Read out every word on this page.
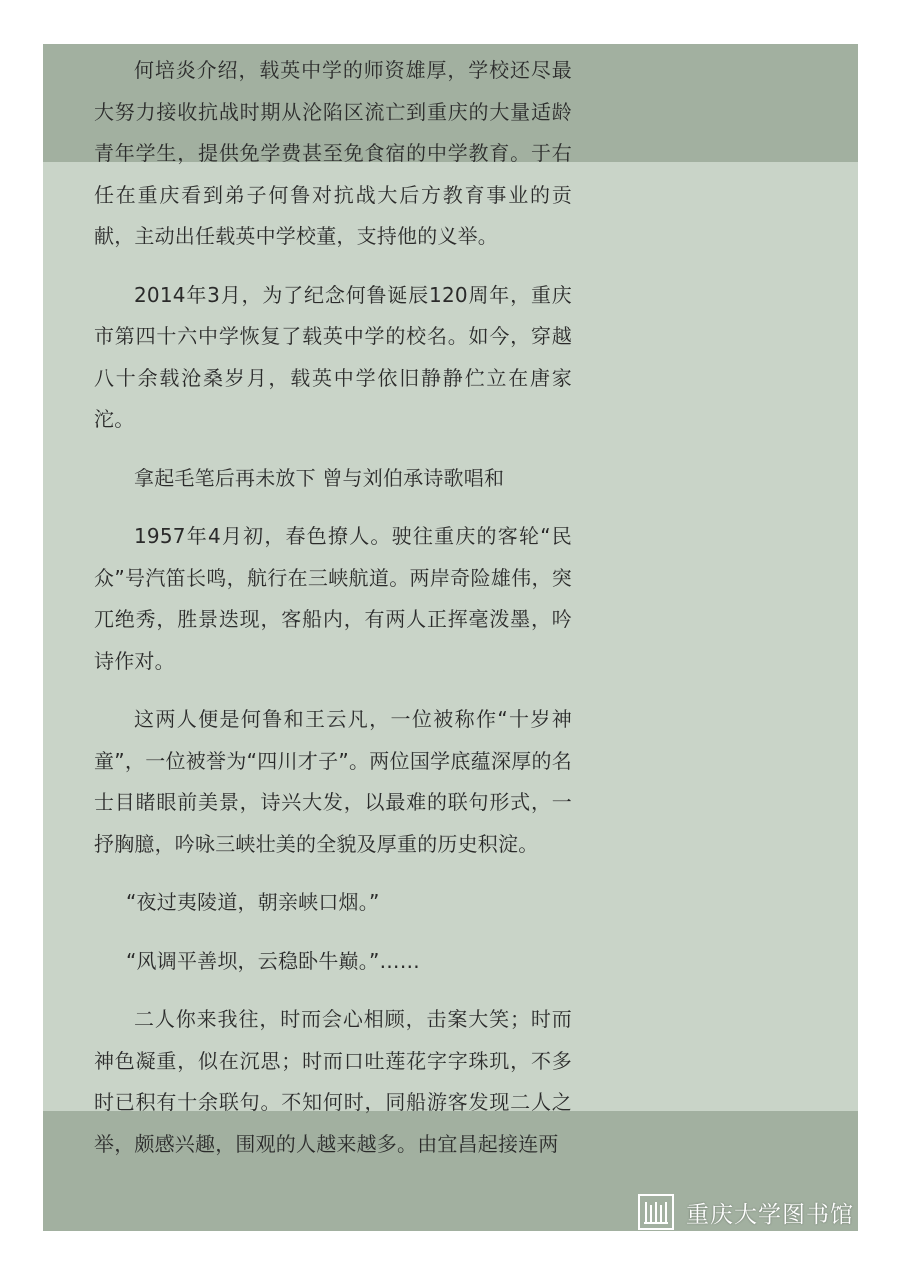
何培炎介绍，载英中学的师资雄厚，学校还尽最大努力接收抗战时期从沦陷区流亡到重庆的大量适龄青年学生，提供免学费甚至免食宿的中学教育。于右任在重庆看到弟子何鲁对抗战大后方教育事业的贡献，主动出任载英中学校董，支持他的义举。

2014年3月，为了纪念何鲁诞辰120周年，重庆市第四十六中学恢复了载英中学的校名。如今，穿越八十余载沧桑岁月，载英中学依旧静静伫立在唐家沱。

拿起毛笔后再未放下 曾与刘伯承诗歌唱和

1957年4月初，春色撩人。驶往重庆的客轮“民众”号汽笛长鸣，航行在三峡航道。两岸奇险雄伟，突兀绝秀，胜景迭现，客船内，有两人正挥毫泼墨，吟诗作对。

这两人便是何鲁和王云凡，一位被称作“十岁神童”，一位被誉为“四川才子”。两位国学底蕴深厚的名士目睹眼前美景，诗兴大发，以最难的联句形式，一抒胸臆，吟咏三峡壮美的全貌及厚重的历史积淀。

“夜过夷陵道，朝亲峡口烟。”

“风调平善坝，云稳卧牛巅。”……

二人你来我往，时而会心相顾，击案大笑；时而神色凝重，似在沉思；时而口吐莲花字字珠玑，不多时已积有十余联句。不知何时，同船游客发现二人之举，颇感兴趣，围观的人越来越多。由宜昌起接连两

重庆大学图书馆
